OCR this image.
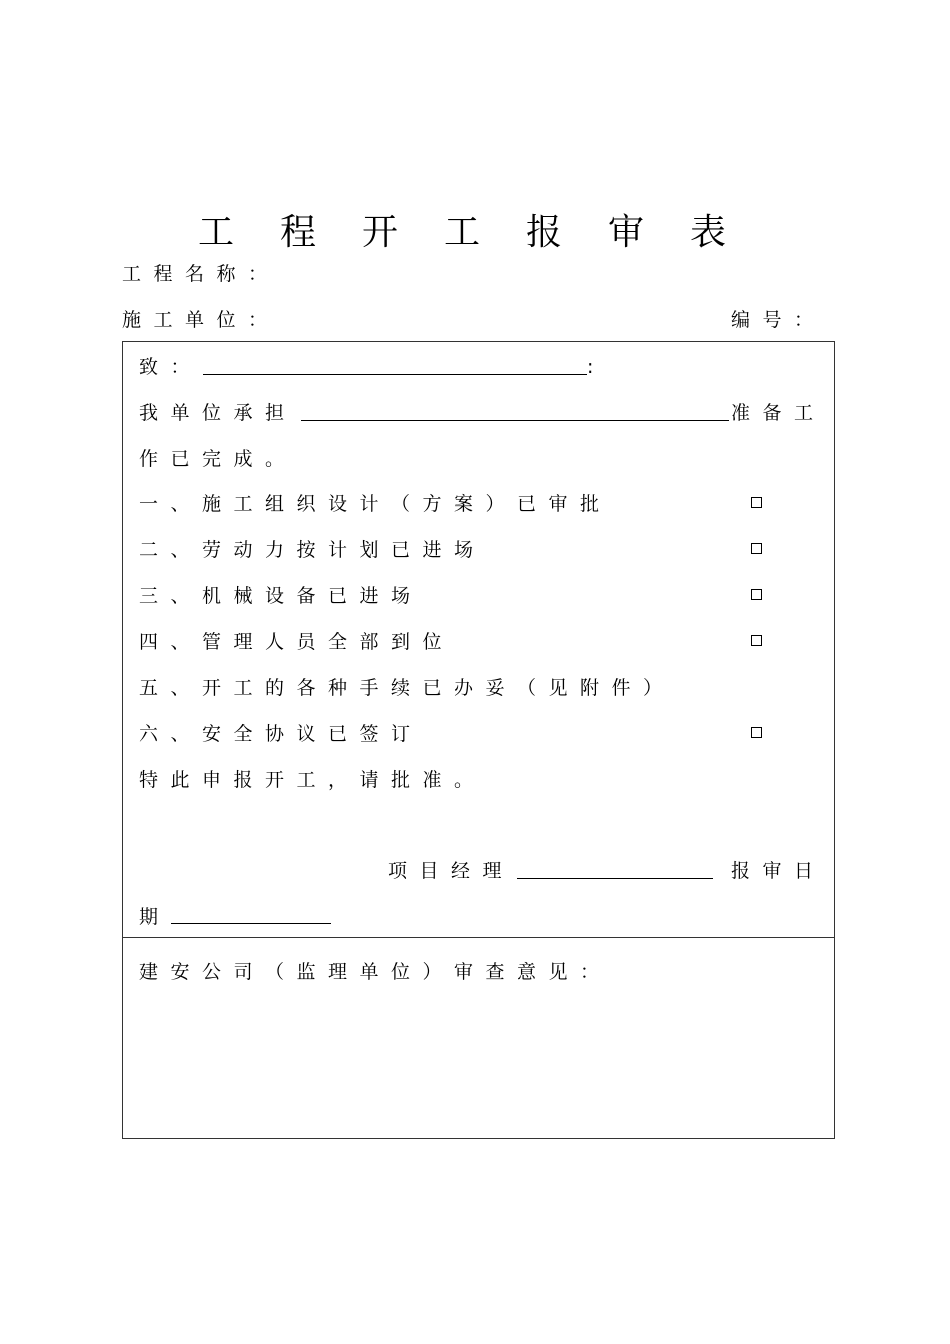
工程开工报审表
工程名称：
施工单位：	编号：
致：	:
我单位承担	准备工
作已完成。
一、施工组织设计（方案）已审批
二、劳动力按计划已进场
三、机械设备已进场
四、管理人员全部到位
五、开工的各种手续已办妥（见附件）
六、安全协议已签订
特此申报开工，请批准。
项目经理	报审日
期
建安公司（监理单位）审查意见：
